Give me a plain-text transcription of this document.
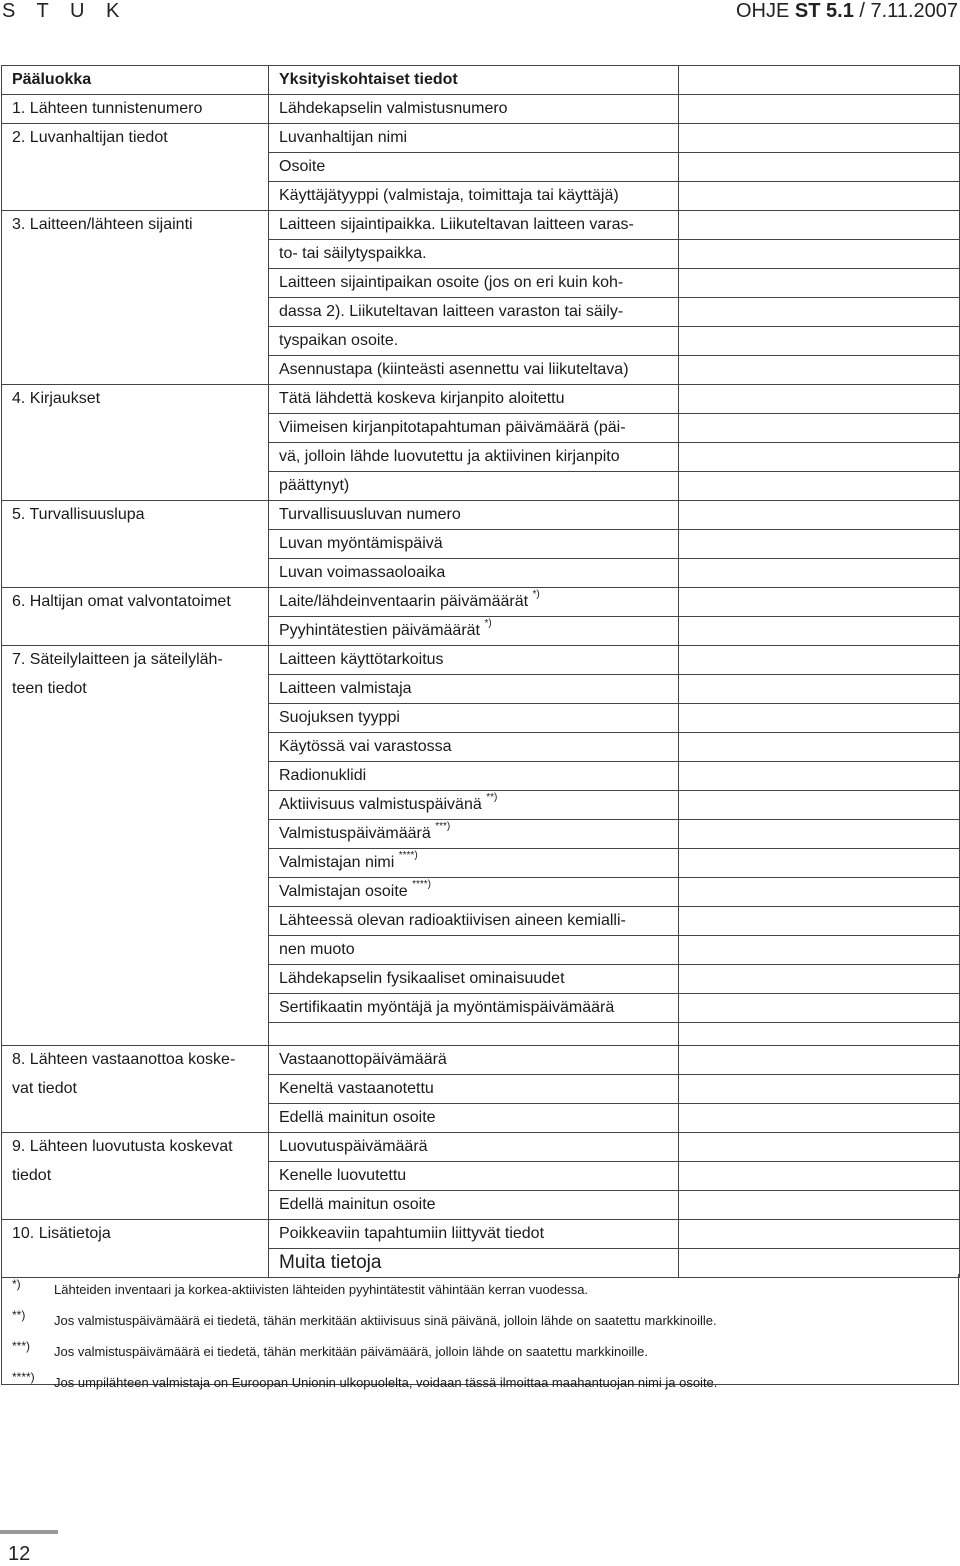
S T U K	OHJE ST 5.1 / 7.11.2007
Pääluokka	Yksityiskohtaiset tiedot	
1. Lähteen tunnistenumero	Lähdekapselin valmistusnumero	
2. Luvanhaltijan tiedot	Luvanhaltijan nimi	
	Osoite	
	Käyttäjätyyppi (valmistaja, toimittaja tai käyttäjä)	
3. Laitteen/lähteen sijainti	Laitteen sijaintipaikka. Liikuteltavan laitteen varas-	
	to- tai säilytyspaikka.	
	Laitteen sijaintipaikan osoite (jos on eri kuin koh-	
	dassa 2). Liikuteltavan laitteen varaston tai säily-	
	tyspaikan osoite.	
	Asennustapa (kiinteästi asennettu vai liikuteltava)	
4. Kirjaukset	Tätä lähdettä koskeva kirjanpito aloitettu	
	Viimeisen kirjanpitotapahtuman päivämäärä (päi-	
	vä, jolloin lähde luovutettu ja aktiivinen kirjanpito	
	päättynyt)	
5. Turvallisuuslupa	Turvallisuusluvan numero	
	Luvan myöntämispäivä	
	Luvan voimassaoloaika	
6. Haltijan omat valvontatoimet	Laite/lähdeinventaarin päivämäärät *)	
	Pyyhintätestien päivämäärät *)	
7. Säteilylaitteen ja säteilyläh-	Laitteen käyttötarkoitus	
teen tiedot	Laitteen valmistaja	
	Suojuksen tyyppi	
	Käytössä vai varastossa	
	Radionuklidi	
	Aktiivisuus valmistuspäivänä **)	
	Valmistuspäivämäärä ***)	
	Valmistajan nimi ****)	
	Valmistajan osoite ****)	
	Lähteessä olevan radioaktiivisen aineen kemialli-	
	nen muoto	
	Lähdekapselin fysikaaliset ominaisuudet	
	Sertifikaatin myöntäjä ja myöntämispäivämäärä	

8. Lähteen vastaanottoa koske-	Vastaanottopäivämäärä	
vat tiedot	Keneltä vastaanotettu	
	Edellä mainitun osoite	
9. Lähteen luovutusta koskevat	Luovutuspäivämäärä	
tiedot	Kenelle luovutettu	
	Edellä mainitun osoite	
10. Lisätietoja	Poikkeaviin tapahtumiin liittyvät tiedot	
	Muita tietoja	
*)	Lähteiden inventaari ja korkea-aktiivisten lähteiden pyyhintätestit vähintään kerran vuodessa.
**)	Jos valmistuspäivämäärä ei tiedetä, tähän merkitään aktiivisuus sinä päivänä, jolloin lähde on saatettu markkinoille.
***)	Jos valmistuspäivämäärä ei tiedetä, tähän merkitään päivämäärä, jolloin lähde on saatettu markkinoille.
****)	Jos umpilähteen valmistaja on Euroopan Unionin ulkopuolelta, voidaan tässä ilmoittaa maahantuojan nimi ja osoite.
12
